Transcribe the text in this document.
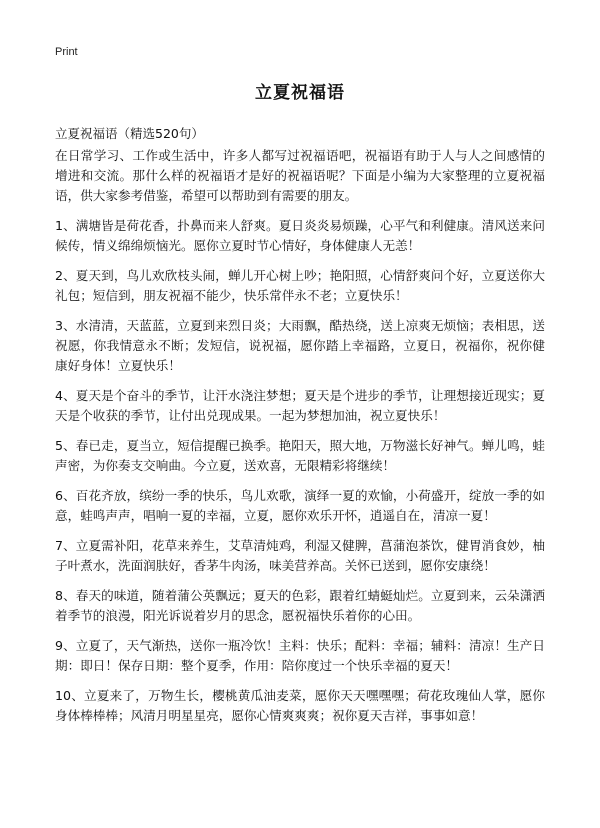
Print
立夏祝福语
立夏祝福语（精选520句）

在日常学习、工作或生活中，许多人都写过祝福语吧，祝福语有助于人与人之间感情的增进和交流。那什么样的祝福语才是好的祝福语呢？下面是小编为大家整理的立夏祝福语，供大家参考借鉴，希望可以帮助到有需要的朋友。

1、满塘皆是荷花香，扑鼻而来人舒爽。夏日炎炎易烦躁，心平气和利健康。清风送来问候传，情义绵绵烦恼光。愿你立夏时节心情好，身体健康人无恙！

2、夏天到，鸟儿欢欣枝头闹，蝉儿开心树上吵；艳阳照，心情舒爽问个好，立夏送你大礼包；短信到，朋友祝福不能少，快乐常伴永不老；立夏快乐！

3、水清清，天蓝蓝，立夏到来烈日炎；大雨飘，酷热绕，送上凉爽无烦恼；表相思，送祝愿，你我情意永不断；发短信，说祝福，愿你踏上幸福路，立夏日，祝福你，祝你健康好身体！立夏快乐！

4、夏天是个奋斗的季节，让汗水浇注梦想；夏天是个进步的季节，让理想接近现实；夏天是个收获的季节，让付出兑现成果。一起为梦想加油，祝立夏快乐！

5、春已走，夏当立，短信提醒已换季。艳阳天，照大地，万物滋长好神气。蝉儿鸣，蛙声密，为你奏支交响曲。今立夏，送欢喜，无限精彩将继续！

6、百花齐放，缤纷一季的快乐，鸟儿欢歌，演绎一夏的欢愉，小荷盛开，绽放一季的如意，蛙鸣声声，唱响一夏的幸福，立夏，愿你欢乐开怀，逍遥自在，清凉一夏！

7、立夏需补阳，花草来养生，艾草清炖鸡，利湿又健脾，菖蒲泡茶饮，健胃消食妙，柚子叶煮水，洗面润肤好，香茅牛肉汤，味美营养高。关怀已送到，愿你安康绕！

8、春天的味道，随着蒲公英飘远；夏天的色彩，跟着红蜻蜓灿烂。立夏到来，云朵潇洒着季节的浪漫，阳光诉说着岁月的思念，愿祝福快乐着你的心田。

9、立夏了，天气渐热，送你一瓶冷饮！主料：快乐；配料：幸福；辅料：清凉！生产日期：即日！保存日期：整个夏季，作用：陪你度过一个快乐幸福的夏天！

10、立夏来了，万物生长，樱桃黄瓜油麦菜，愿你天天嘿嘿嘿；荷花玫瑰仙人掌，愿你身体棒棒棒；风清月明星星亮，愿你心情爽爽爽；祝你夏天吉祥，事事如意！
